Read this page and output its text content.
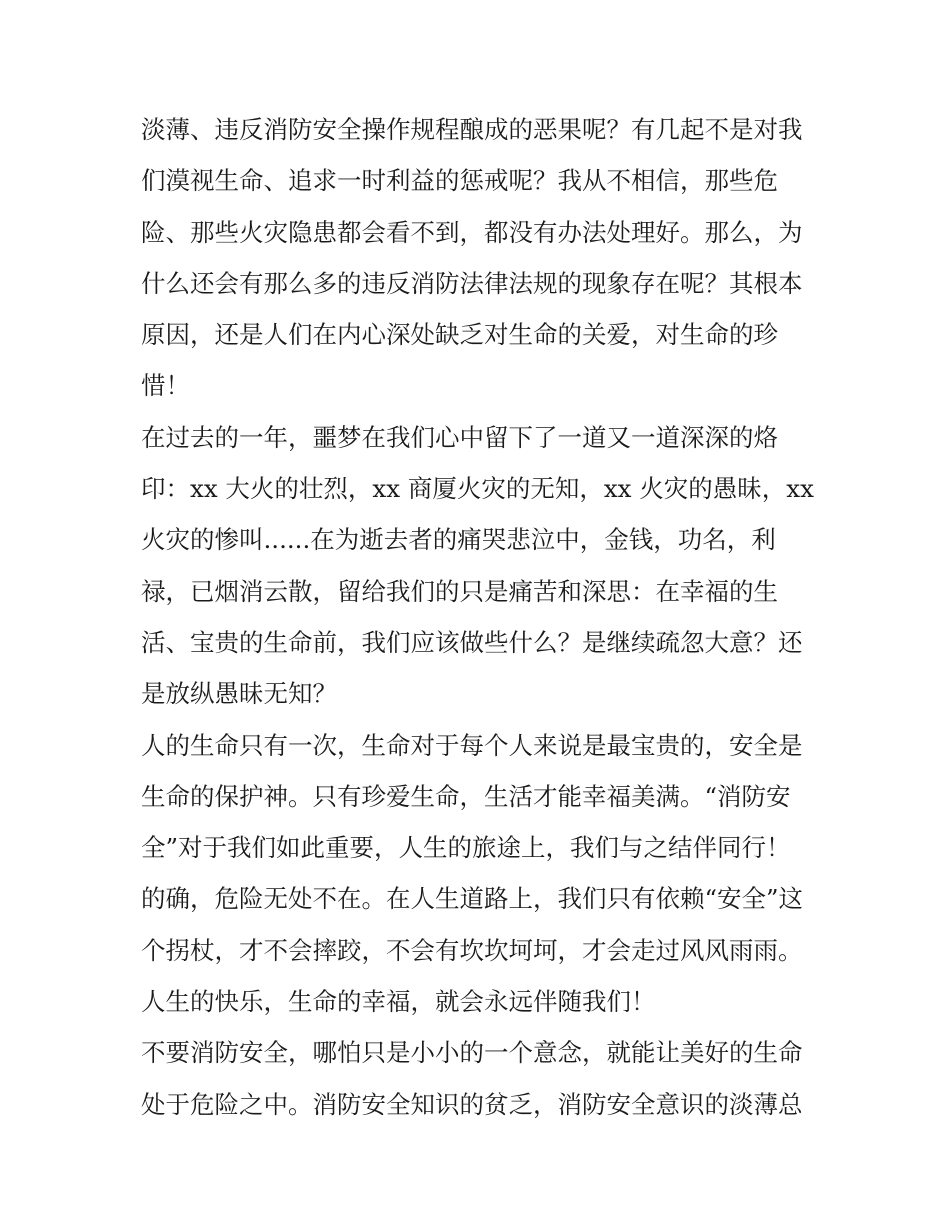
淡薄、违反消防安全操作规程酿成的恶果呢？有几起不是对我
们漠视生命、追求一时利益的惩戒呢？我从不相信，那些危
险、那些火灾隐患都会看不到，都没有办法处理好。那么，为
什么还会有那么多的违反消防法律法规的现象存在呢？其根本
原因，还是人们在内心深处缺乏对生命的关爱，对生命的珍
惜！
在过去的一年，噩梦在我们心中留下了一道又一道深深的烙
印：xx 大火的壮烈，xx 商厦火灾的无知，xx 火灾的愚昧，xx
火灾的惨叫......在为逝去者的痛哭悲泣中，金钱，功名，利
禄，已烟消云散，留给我们的只是痛苦和深思：在幸福的生
活、宝贵的生命前，我们应该做些什么？是继续疏忽大意？还
是放纵愚昧无知？
人的生命只有一次，生命对于每个人来说是最宝贵的，安全是
生命的保护神。只有珍爱生命，生活才能幸福美满。“消防安
全”对于我们如此重要，人生的旅途上，我们与之结伴同行！
的确，危险无处不在。在人生道路上，我们只有依赖“安全”这
个拐杖，才不会摔跤，不会有坎坎坷坷，才会走过风风雨雨。
人生的快乐，生命的幸福，就会永远伴随我们！
不要消防安全，哪怕只是小小的一个意念，就能让美好的生命
处于危险之中。消防安全知识的贫乏，消防安全意识的淡薄总
